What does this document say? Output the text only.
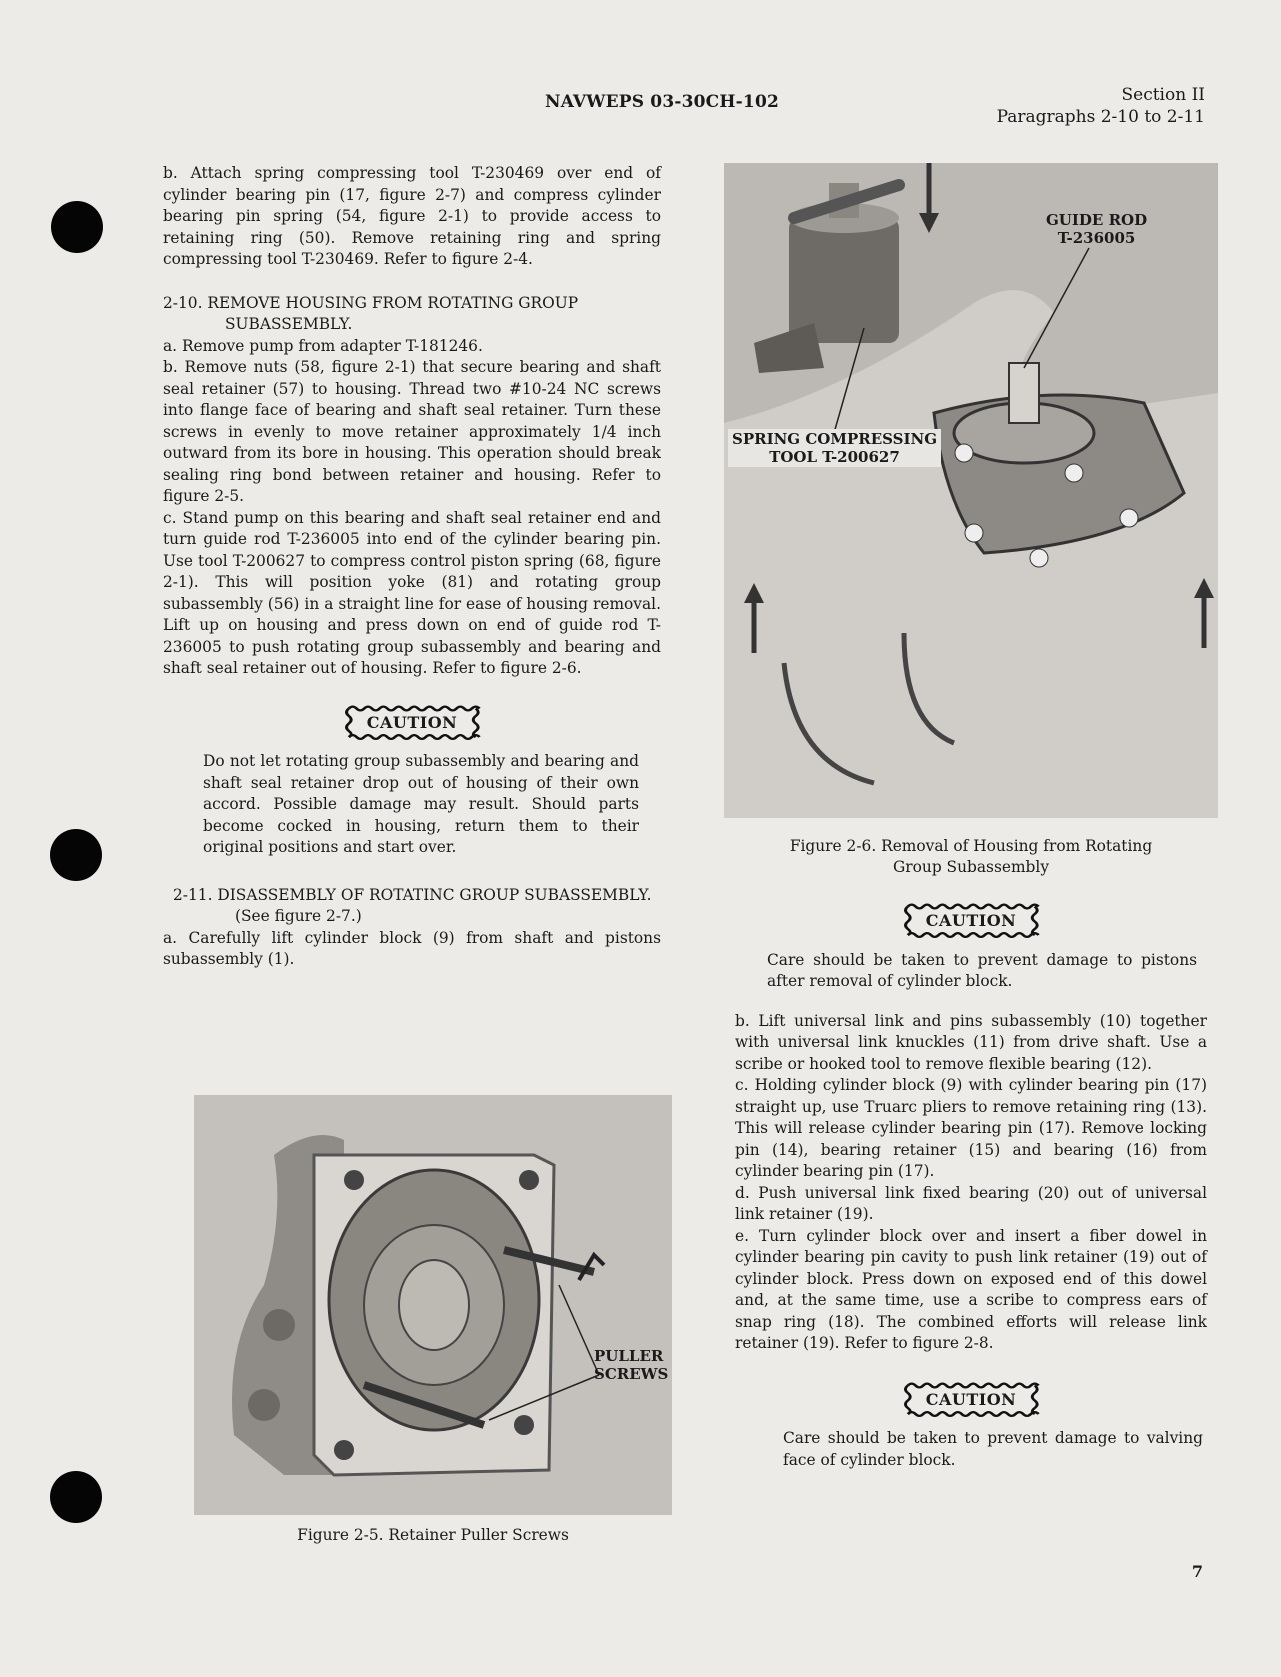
NAVWEPS 03-30CH-102	Section II
Paragraphs 2-10 to 2-11

b. Attach spring compressing tool T-230469 over end of cylinder bearing pin (17, figure 2-7) and compress cylinder bearing pin spring (54, figure 2-1) to provide access to retaining ring (50). Remove retaining ring and spring compressing tool T-230469. Refer to figure 2-4.

2-10. REMOVE HOUSING FROM ROTATING GROUP SUBASSEMBLY.

a. Remove pump from adapter T-181246.

b. Remove nuts (58, figure 2-1) that secure bearing and shaft seal retainer (57) to housing. Thread two #10-24 NC screws into flange face of bearing and shaft seal retainer. Turn these screws in evenly to move retainer approximately 1/4 inch outward from its bore in housing. This operation should break sealing ring bond between retainer and housing. Refer to figure 2-5.

c. Stand pump on this bearing and shaft seal retainer end and turn guide rod T-236005 into end of the cylinder bearing pin. Use tool T-200627 to compress control piston spring (68, figure 2-1). This will position yoke (81) and rotating group subassembly (56) in a straight line for ease of housing removal. Lift up on housing and press down on end of guide rod T-236005 to push rotating group subassembly and bearing and shaft seal retainer out of housing. Refer to figure 2-6.

CAUTION

Do not let rotating group subassembly and bearing and shaft seal retainer drop out of housing of their own accord. Possible damage may result. Should parts become cocked in housing, return them to their original positions and start over.

2-11. DISASSEMBLY OF ROTATINC GROUP SUBASSEMBLY. (See figure 2-7.)

a. Carefully lift cylinder block (9) from shaft and pistons subassembly (1).

PULLER SCREWS
Figure 2-5. Retainer Puller Screws
GUIDE ROD
T-236005
SPRING COMPRESSING
TOOL T-200627
Figure 2-6. Removal of Housing from Rotating
Group Subassembly
CAUTION

Care should be taken to prevent damage to pistons after removal of cylinder block.

b. Lift universal link and pins subassembly (10) together with universal link knuckles (11) from drive shaft. Use a scribe or hooked tool to remove flexible bearing (12).

c. Holding cylinder block (9) with cylinder bearing pin (17) straight up, use Truarc pliers to remove retaining ring (13). This will release cylinder bearing pin (17). Remove locking pin (14), bearing retainer (15) and bearing (16) from cylinder bearing pin (17).

d. Push universal link fixed bearing (20) out of universal link retainer (19).

e. Turn cylinder block over and insert a fiber dowel in cylinder bearing pin cavity to push link retainer (19) out of cylinder block. Press down on exposed end of this dowel and, at the same time, use a scribe to compress ears of snap ring (18). The combined efforts will release link retainer (19). Refer to figure 2-8.

CAUTION

Care should be taken to prevent damage to valving face of cylinder block.

7
